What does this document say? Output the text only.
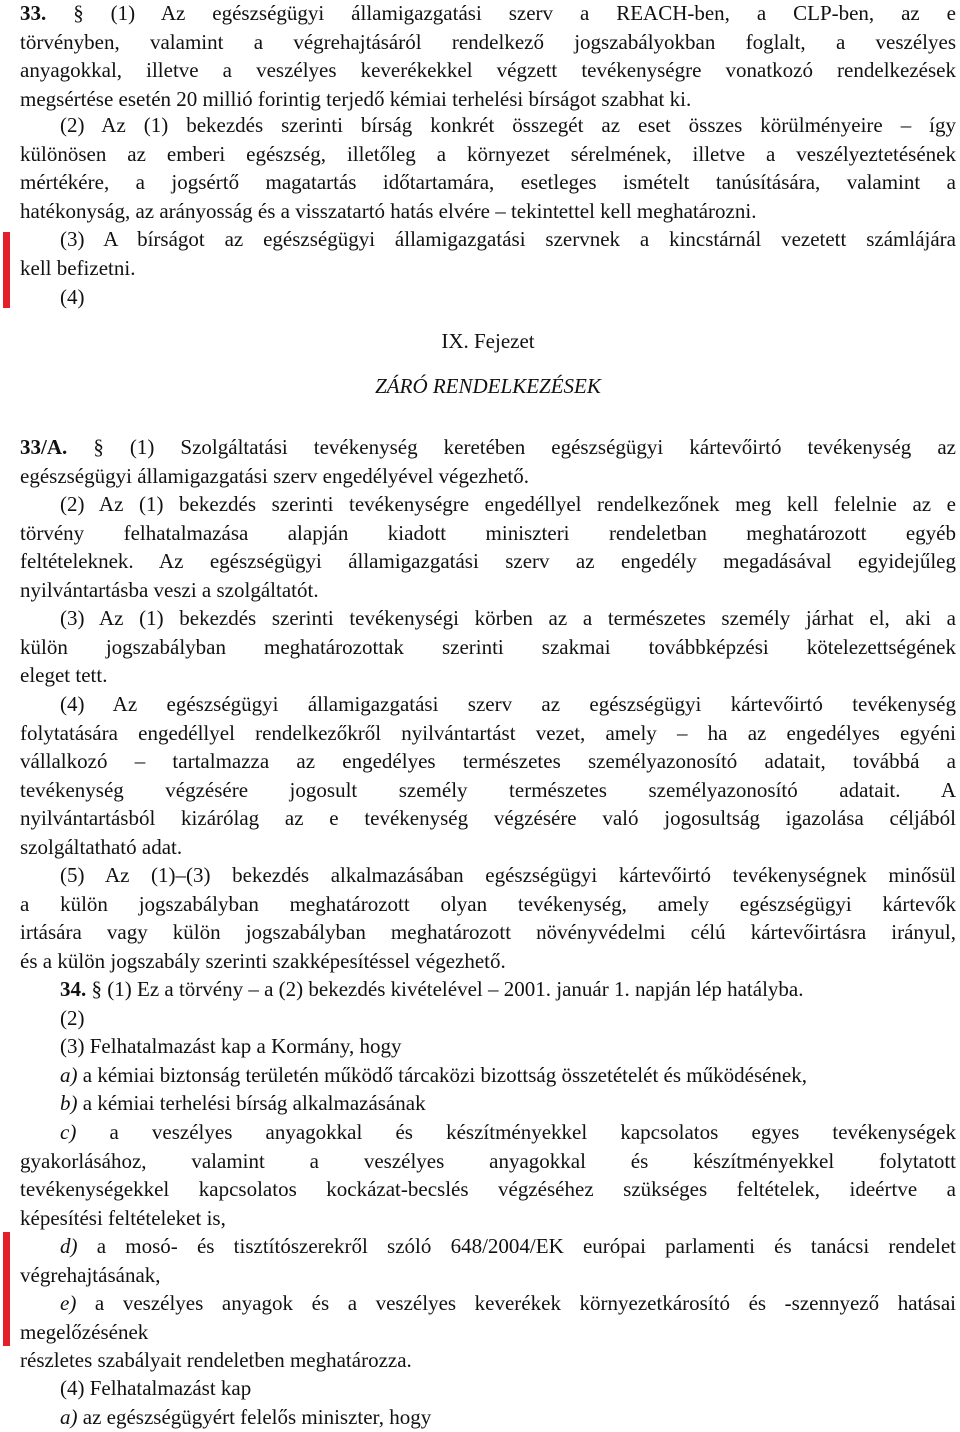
33. § (1) Az egészségügyi államigazgatási szerv a REACH-ben, a CLP-ben, az e
törvényben, valamint a végrehajtásáról rendelkező jogszabályokban foglalt, a veszélyes
anyagokkal, illetve a veszélyes keverékekkel végzett tevékenységre vonatkozó rendelkezések
megsértése esetén 20 millió forintig terjedő kémiai terhelési bírságot szabhat ki.
(2) Az (1) bekezdés szerinti bírság konkrét összegét az eset összes körülményeire – így
különösen az emberi egészség, illetőleg a környezet sérelmének, illetve a veszélyeztetésének
mértékére, a jogsértő magatartás időtartamára, esetleges ismételt tanúsítására, valamint a
hatékonyság, az arányosság és a visszatartó hatás elvére – tekintettel kell meghatározni.
(3) A bírságot az egészségügyi államigazgatási szervnek a kincstárnál vezetett számlájára
kell befizetni.
(4)

IX. Fejezet

ZÁRÓ RENDELKEZÉSEK

33/A. § (1) Szolgáltatási tevékenység keretében egészségügyi kártevőirtó tevékenység az
egészségügyi államigazgatási szerv engedélyével végezhető.
(2) Az (1) bekezdés szerinti tevékenységre engedéllyel rendelkezőnek meg kell felelnie az e
törvény felhatalmazása alapján kiadott miniszteri rendeletban meghatározott egyéb
feltételeknek. Az egészségügyi államigazgatási szerv az engedély megadásával egyidejűleg
nyilvántartásba veszi a szolgáltatót.
(3) Az (1) bekezdés szerinti tevékenységi körben az a természetes személy járhat el, aki a
külön jogszabályban meghatározottak szerinti szakmai továbbképzési kötelezettségének
eleget tett.
(4) Az egészségügyi államigazgatási szerv az egészségügyi kártevőirtó tevékenység
folytatására engedéllyel rendelkezőkről nyilvántartást vezet, amely – ha az engedélyes egyéni
vállalkozó – tartalmazza az engedélyes természetes személyazonosító adatait, továbbá a
tevékenység végzésére jogosult személy természetes személyazonosító adatait. A
nyilvántartásból kizárólag az e tevékenység végzésére való jogosultság igazolása céljából
szolgáltatható adat.
(5) Az (1)–(3) bekezdés alkalmazásában egészségügyi kártevőirtó tevékenységnek minősül
a külön jogszabályban meghatározott olyan tevékenység, amely egészségügyi kártevők
irtására vagy külön jogszabályban meghatározott növényvédelmi célú kártevőirtásra irányul,
és a külön jogszabály szerinti szakképesítéssel végezhető.
34. § (1) Ez a törvény – a (2) bekezdés kivételével – 2001. január 1. napján lép hatályba.
(2)
(3) Felhatalmazást kap a Kormány, hogy
a) a kémiai biztonság területén működő tárcaközi bizottság összetételét és működésének,
b) a kémiai terhelési bírság alkalmazásának
c) a veszélyes anyagokkal és készítményekkel kapcsolatos egyes tevékenységek
gyakorlásához, valamint a veszélyes anyagokkal és készítményekkel folytatott
tevékenységekkel kapcsolatos kockázat-becslés végzéséhez szükséges feltételek, ideértve a
képesítési feltételeket is,
d) a mosó- és tisztítószerekről szóló 648/2004/EK európai parlamenti és tanácsi rendelet
végrehajtásának,
e) a veszélyes anyagok és a veszélyes keverékek környezetkárosító és -szennyező hatásai
megelőzésének
részletes szabályait rendeletben meghatározza.
(4) Felhatalmazást kap
a) az egészségügyért felelős miniszter, hogy
